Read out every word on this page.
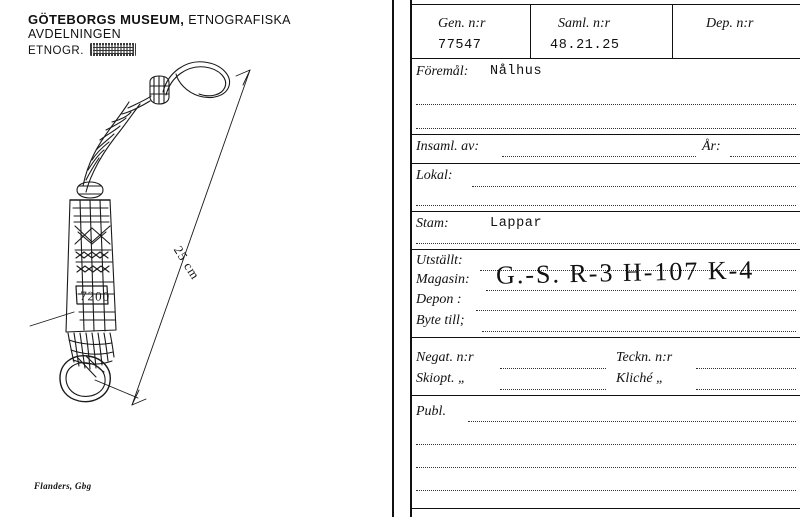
GÖTEBORGS MUSEUM, ETNOGRAFISKA AVDELNINGEN
ETNOGR.
7200
25 cm
Flanders, Gbg
Gen. n:r	Saml. n:r	Dep. n:r
77547	48.21.25
Föremål: Nålhus
Insaml. av:	År:
Lokal:
Stam:	Lappar
Utställt:
Magasin: G.-S. R-3 H-107 K-4
Depon :
Byte till;
Negat. n:r	Teckn. n:r
Skiopt. „	Kliché „
Publ.
